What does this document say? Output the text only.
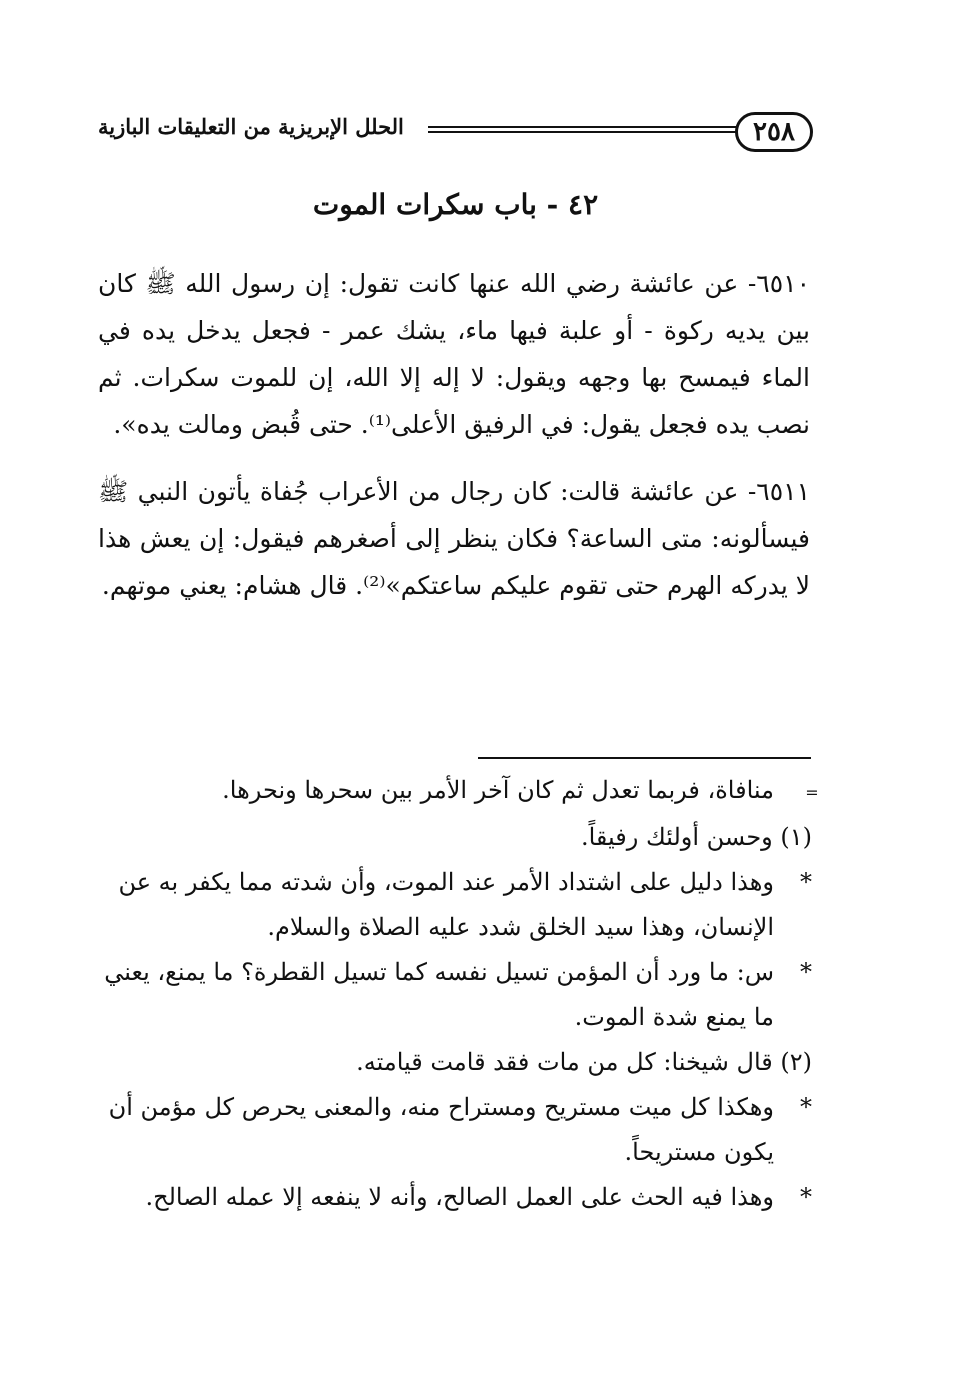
٢٥٨
الحلل الإبريزية من التعليقات البازية
٤٢ - باب سكرات الموت

٦٥١٠- عن عائشة رضي الله عنها كانت تقول: إن رسول الله ﷺ كان بين يديه ركوة - أو علبة فيها ماء، يشك عمر - فجعل يدخل يده في الماء فيمسح بها وجهه ويقول: لا إله إلا الله، إن للموت سكرات. ثم نصب يده فجعل يقول: في الرفيق الأعلى⁽¹⁾. حتى قُبض ومالت يده».

٦٥١١- عن عائشة قالت: كان رجال من الأعراب جُفاة يأتون النبي ﷺ فيسألونه: متى الساعة؟ فكان ينظر إلى أصغرهم فيقول: إن يعش هذا لا يدركه الهرم حتى تقوم عليكم ساعتكم»⁽²⁾. قال هشام: يعني موتهم.

=منافاة، فربما تعدل ثم كان آخر الأمر بين سحرها ونحرها.

(١) وحسن أولئك رفيقاً.

*وهذا دليل على اشتداد الأمر عند الموت، وأن شدته مما يكفر به عن الإنسان، وهذا سيد الخلق شدد عليه الصلاة والسلام.

*س: ما ورد أن المؤمن تسيل نفسه كما تسيل القطرة؟ ما يمنع، يعني ما يمنع شدة الموت.

(٢) قال شيخنا: كل من مات فقد قامت قيامته.

*وهكذا كل ميت مستريح ومستراح منه، والمعنى يحرص كل مؤمن أن يكون مستريحاً.

*وهذا فيه الحث على العمل الصالح، وأنه لا ينفعه إلا عمله الصالح.
